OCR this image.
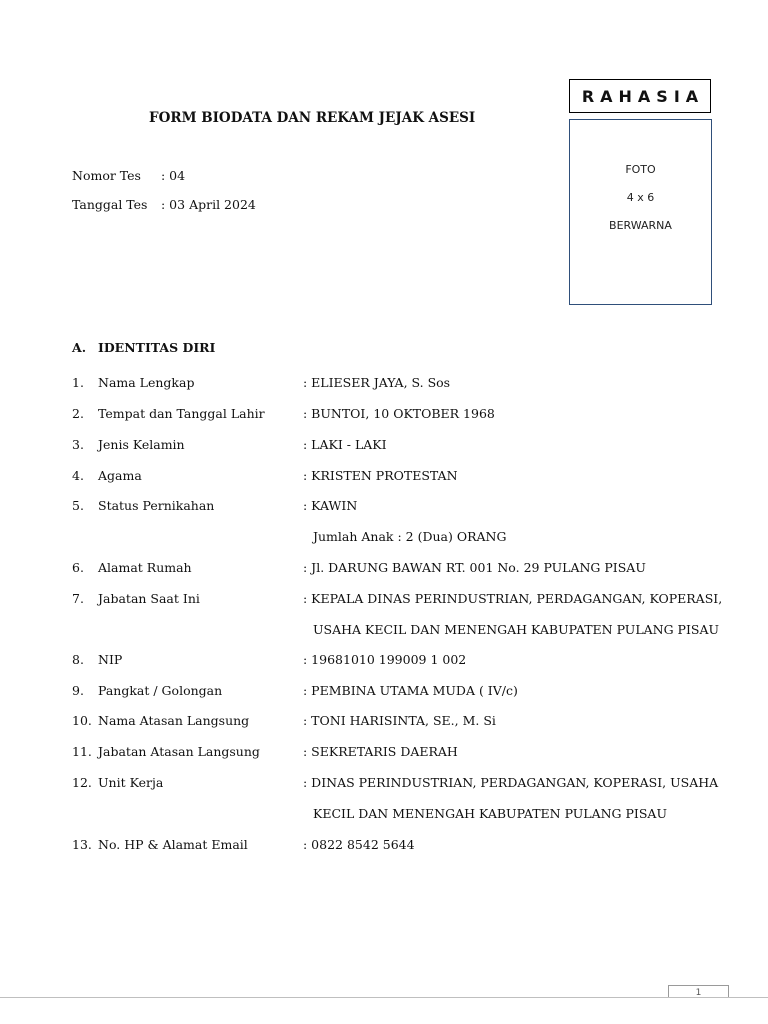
RAHASIA
FOTO
4 x 6
BERWARNA
FORM BIODATA DAN REKAM JEJAK ASESI
Nomor Tes : 04
Tanggal Tes : 03 April 2024
A. IDENTITAS DIRI
1. Nama Lengkap	: ELIESER JAYA, S. Sos
2. Tempat dan Tanggal Lahir	: BUNTOI, 10 OKTOBER 1968
3. Jenis Kelamin	: LAKI - LAKI
4. Agama	: KRISTEN PROTESTAN
5. Status Pernikahan	: KAWIN
Jumlah Anak : 2 (Dua) ORANG
6. Alamat Rumah	: Jl. DARUNG BAWAN RT. 001 No. 29 PULANG PISAU
7. Jabatan Saat Ini	: KEPALA DINAS PERINDUSTRIAN, PERDAGANGAN, KOPERASI,
USAHA KECIL DAN MENENGAH KABUPATEN PULANG PISAU
8. NIP	: 19681010 199009 1 002
9. Pangkat / Golongan	: PEMBINA UTAMA MUDA ( IV/c)
10. Nama Atasan Langsung	: TONI HARISINTA, SE., M. Si
11. Jabatan Atasan Langsung	: SEKRETARIS DAERAH
12. Unit Kerja	: DINAS PERINDUSTRIAN, PERDAGANGAN, KOPERASI, USAHA
KECIL DAN MENENGAH KABUPATEN PULANG PISAU
13. No. HP & Alamat Email	: 0822 8542 5644
1
